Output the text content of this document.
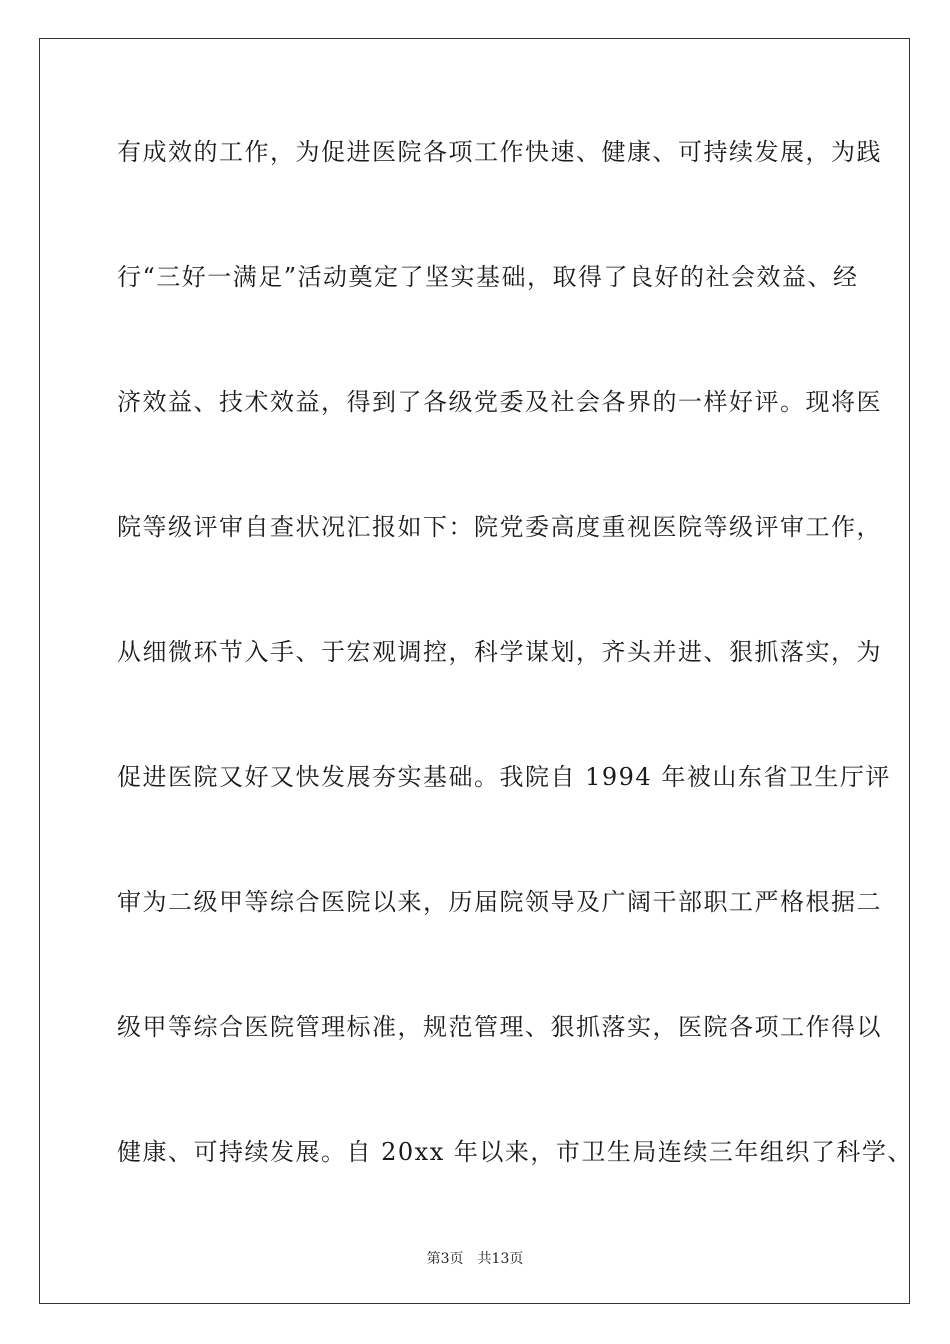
有成效的工作，为促进医院各项工作快速、健康、可持续发展，为践
行“三好一满足”活动奠定了坚实基础，取得了良好的社会效益、经
济效益、技术效益，得到了各级党委及社会各界的一样好评。现将医
院等级评审自查状况汇报如下：院党委高度重视医院等级评审工作，
从细微环节入手、于宏观调控，科学谋划，齐头并进、狠抓落实，为
促进医院又好又快发展夯实基础。我院自 1994 年被山东省卫生厅评
审为二级甲等综合医院以来，历届院领导及广阔干部职工严格根据二
级甲等综合医院管理标准，规范管理、狠抓落实，医院各项工作得以
健康、可持续发展。自 20xx 年以来，市卫生局连续三年组织了科学、
第3页 共13页
